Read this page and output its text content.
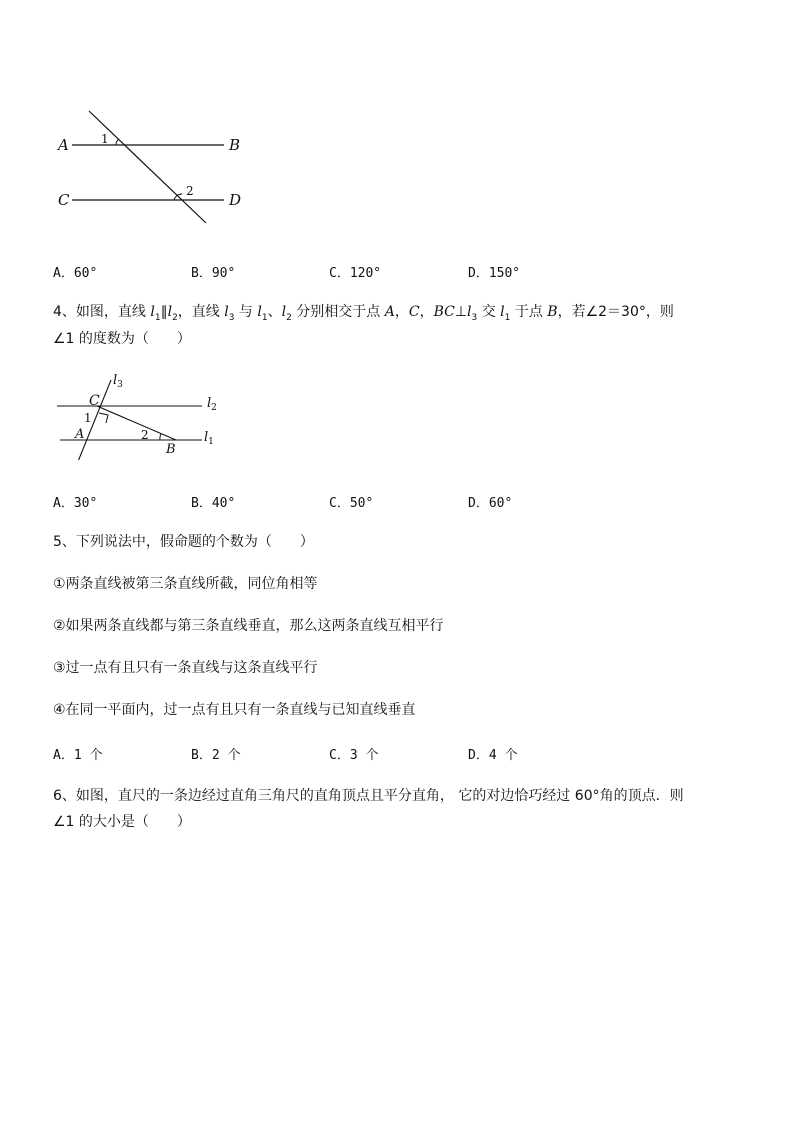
A	B
C	D
1
2
A．60°	B．90°	C．120°	D．150°
4、如图，直线 $l_1\parallel l_2$，直线 $l_3$ 与 $l_1$、$l_2$ 分别相交于点 A，C，$BC\perp l_3$ 交 $l_1$ 于点 B，若∠2＝30°，则
∠1 的度数为（　　）
$l_3$
$l_2$
$l_1$
C
A
B
1
2
A．30°	B．40°	C．50°	D．60°
5、下列说法中，假命题的个数为（　　）
①两条直线被第三条直线所截，同位角相等
②如果两条直线都与第三条直线垂直，那么这两条直线互相平行
③过一点有且只有一条直线与这条直线平行
④在同一平面内，过一点有且只有一条直线与已知直线垂直
A．1 个	B．2 个	C．3 个	D．4 个
6、如图，直尺的一条边经过直角三角尺的直角顶点且平分直角， 它的对边恰巧经过 60°角的顶点．则
∠1 的大小是（　　）
